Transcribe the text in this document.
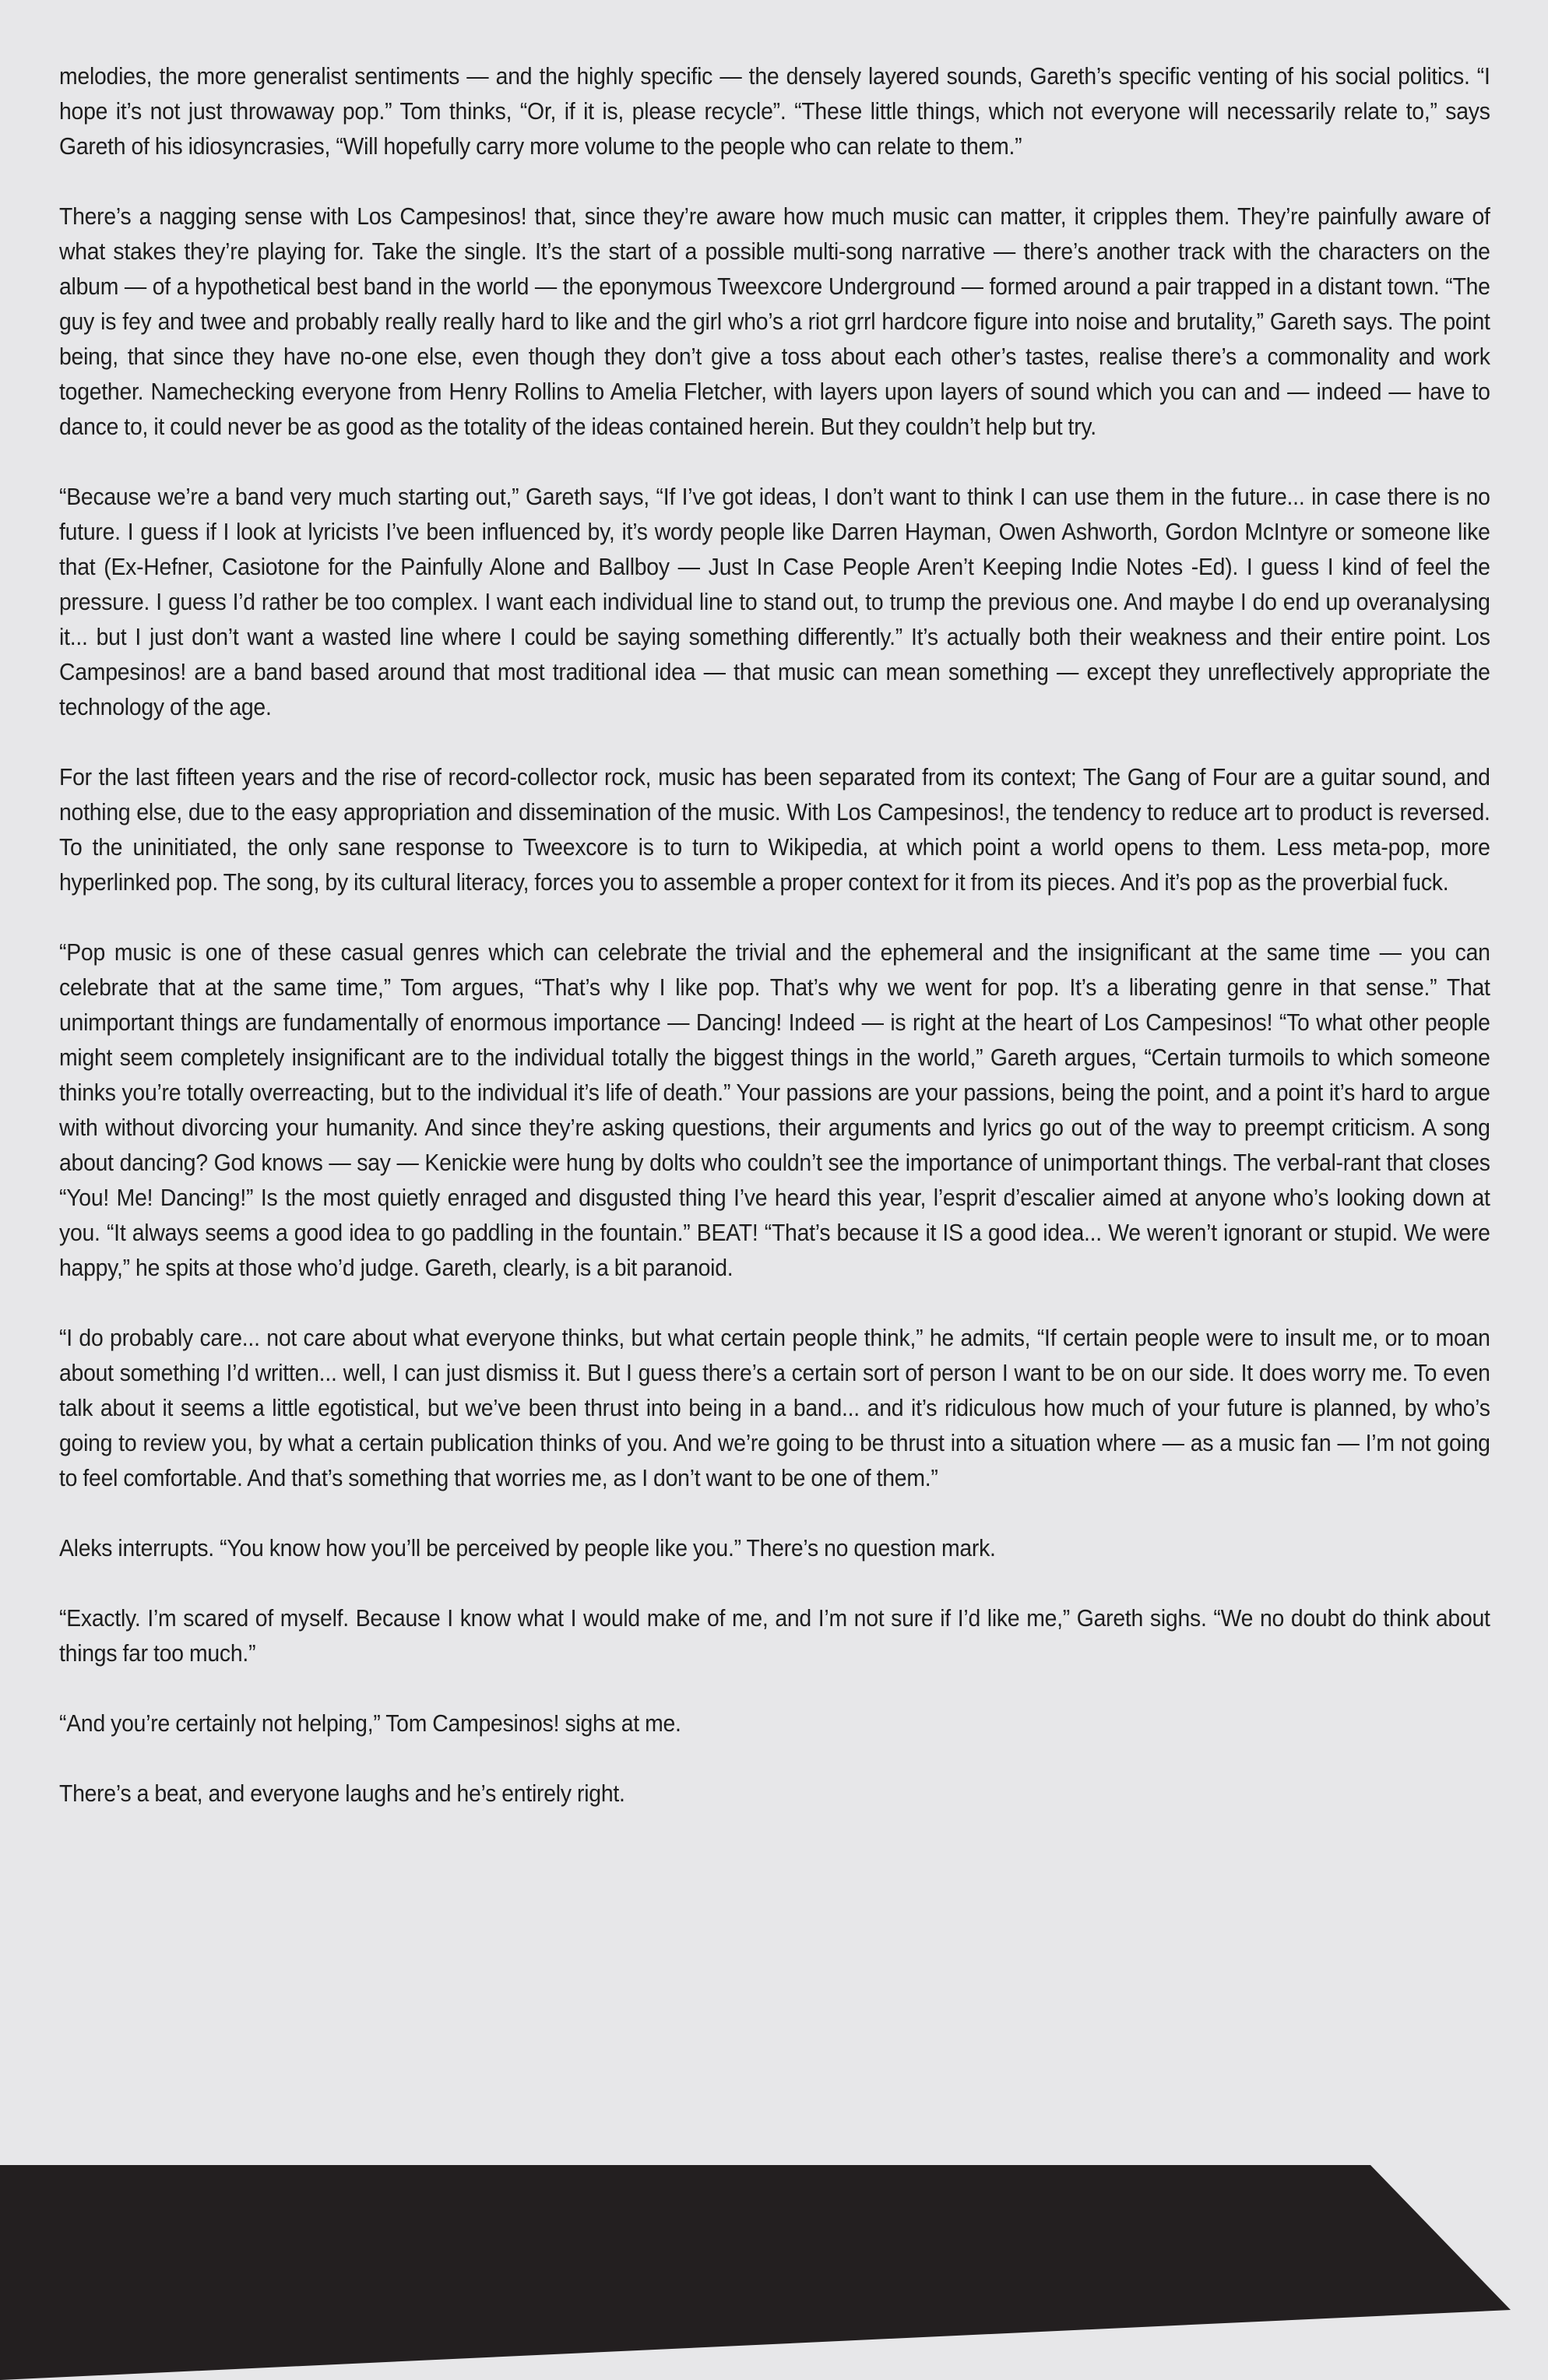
melodies, the more generalist sentiments — and the highly specific — the densely layered sounds, Gareth’s specific venting of his social politics. “I hope it’s not just throwaway pop.” Tom thinks, “Or, if it is, please recycle”. “These little things, which not everyone will necessarily relate to,” says Gareth of his idiosyncrasies, “Will hopefully carry more volume to the people who can relate to them.”

There’s a nagging sense with Los Campesinos! that, since they’re aware how much music can matter, it cripples them. They’re painfully aware of what stakes they’re playing for. Take the single. It’s the start of a possible multi-song narrative — there’s another track with the characters on the album — of a hypothetical best band in the world — the eponymous Tweexcore Underground — formed around a pair trapped in a distant town. “The guy is fey and twee and probably really really hard to like and the girl who’s a riot grrl hardcore figure into noise and brutality,” Gareth says. The point being, that since they have no-one else, even though they don’t give a toss about each other’s tastes, realise there’s a commonality and work together. Namechecking everyone from Henry Rollins to Amelia Fletcher, with layers upon layers of sound which you can and — indeed — have to dance to, it could never be as good as the totality of the ideas contained herein. But they couldn’t help but try.

“Because we’re a band very much starting out,” Gareth says, “If I’ve got ideas, I don’t want to think I can use them in the future... in case there is no future. I guess if I look at lyricists I’ve been influenced by, it’s wordy people like Darren Hayman, Owen Ashworth, Gordon McIntyre or someone like that (Ex-Hefner, Casiotone for the Painfully Alone and Ballboy — Just In Case People Aren’t Keeping Indie Notes -Ed). I guess I kind of feel the pressure. I guess I’d rather be too complex. I want each individual line to stand out, to trump the previous one. And maybe I do end up overanalysing it... but I just don’t want a wasted line where I could be saying something differently.” It’s actually both their weakness and their entire point. Los Campesinos! are a band based around that most traditional idea — that music can mean something — except they unreflectively appropriate the technology of the age.

For the last fifteen years and the rise of record-collector rock, music has been separated from its context; The Gang of Four are a guitar sound, and nothing else, due to the easy appropriation and dissemination of the music. With Los Campesinos!, the tendency to reduce art to product is reversed. To the uninitiated, the only sane response to Tweexcore is to turn to Wikipedia, at which point a world opens to them. Less meta-pop, more hyperlinked pop. The song, by its cultural literacy, forces you to assemble a proper context for it from its pieces. And it’s pop as the proverbial fuck.

“Pop music is one of these casual genres which can celebrate the trivial and the ephemeral and the insignificant at the same time — you can celebrate that at the same time,” Tom argues, “That’s why I like pop. That’s why we went for pop. It’s a liberating genre in that sense.” That unimportant things are fundamentally of enormous importance — Dancing! Indeed — is right at the heart of Los Campesinos! “To what other people might seem completely insignificant are to the individual totally the biggest things in the world,” Gareth argues, “Certain turmoils to which someone thinks you’re totally overreacting, but to the individual it’s life of death.” Your passions are your passions, being the point, and a point it’s hard to argue with without divorcing your humanity. And since they’re asking questions, their arguments and lyrics go out of the way to preempt criticism. A song about dancing? God knows — say — Kenickie were hung by dolts who couldn’t see the importance of unimportant things. The verbal-rant that closes “You! Me! Dancing!” Is the most quietly enraged and disgusted thing I’ve heard this year, l’esprit d’escalier aimed at anyone who’s looking down at you. “It always seems a good idea to go paddling in the fountain.” BEAT! “That’s because it IS a good idea... We weren’t ignorant or stupid. We were happy,” he spits at those who’d judge. Gareth, clearly, is a bit paranoid.

“I do probably care... not care about what everyone thinks, but what certain people think,” he admits, “If certain people were to insult me, or to moan about something I’d written... well, I can just dismiss it. But I guess there’s a certain sort of person I want to be on our side. It does worry me. To even talk about it seems a little egotistical, but we’ve been thrust into being in a band... and it’s ridiculous how much of your future is planned, by who’s going to review you, by what a certain publication thinks of you. And we’re going to be thrust into a situation where — as a music fan — I’m not going to feel comfortable. And that’s something that worries me, as I don’t want to be one of them.”

Aleks interrupts. “You know how you’ll be perceived by people like you.” There’s no question mark.

“Exactly. I’m scared of myself. Because I know what I would make of me, and I’m not sure if I’d like me,” Gareth sighs. “We no doubt do think about things far too much.”

“And you’re certainly not helping,” Tom Campesinos! sighs at me.

There’s a beat, and everyone laughs and he’s entirely right.
